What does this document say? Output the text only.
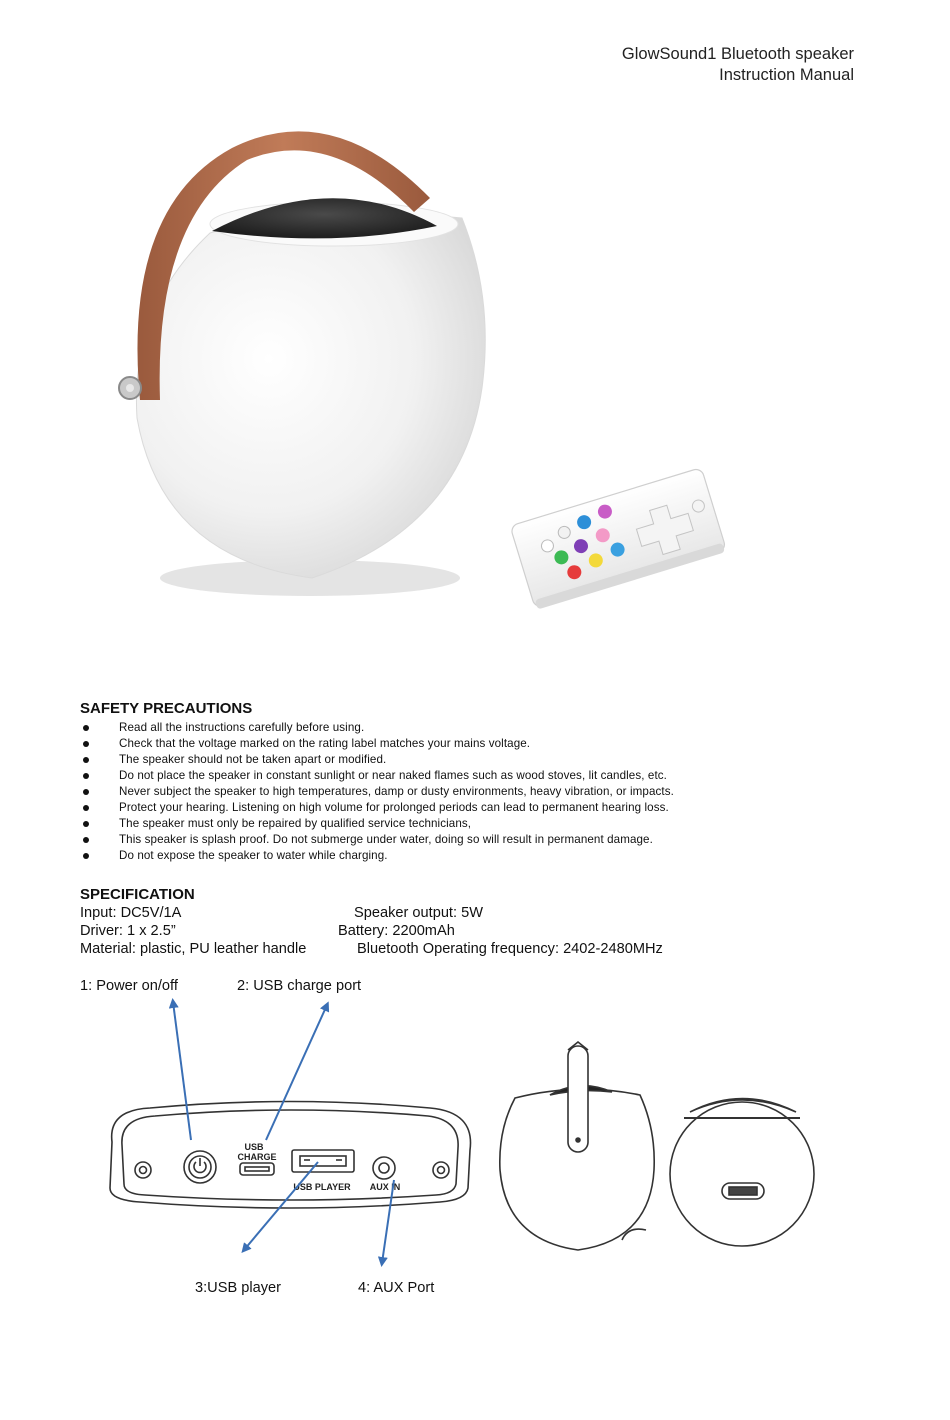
GlowSound1 Bluetooth speaker
Instruction Manual
SAFETY PRECAUTIONS
Read all the instructions carefully before using.
Check that the voltage marked on the rating label matches your mains voltage.
The speaker should not be taken apart or modified.
Do not place the speaker in constant sunlight or near naked flames such as wood stoves, lit candles, etc.
Never subject the speaker to high temperatures, damp or dusty environments, heavy vibration, or impacts.
Protect your hearing. Listening on high volume for prolonged periods can lead to permanent hearing loss.
The speaker must only be repaired by qualified service technicians,
This speaker is splash proof. Do not submerge under water, doing so will result in permanent damage.
Do not expose the speaker to water while charging.
SPECIFICATION
Input: DC5V/1A	Speaker output: 5W
Driver: 1 x 2.5”	Battery: 2200mAh
Material: plastic, PU leather handle	Bluetooth Operating frequency: 2402-2480MHz
1: Power on/off	2: USB charge port
3:USB player	4: AUX Port
USB
CHARGE
USB PLAYER AUX IN
